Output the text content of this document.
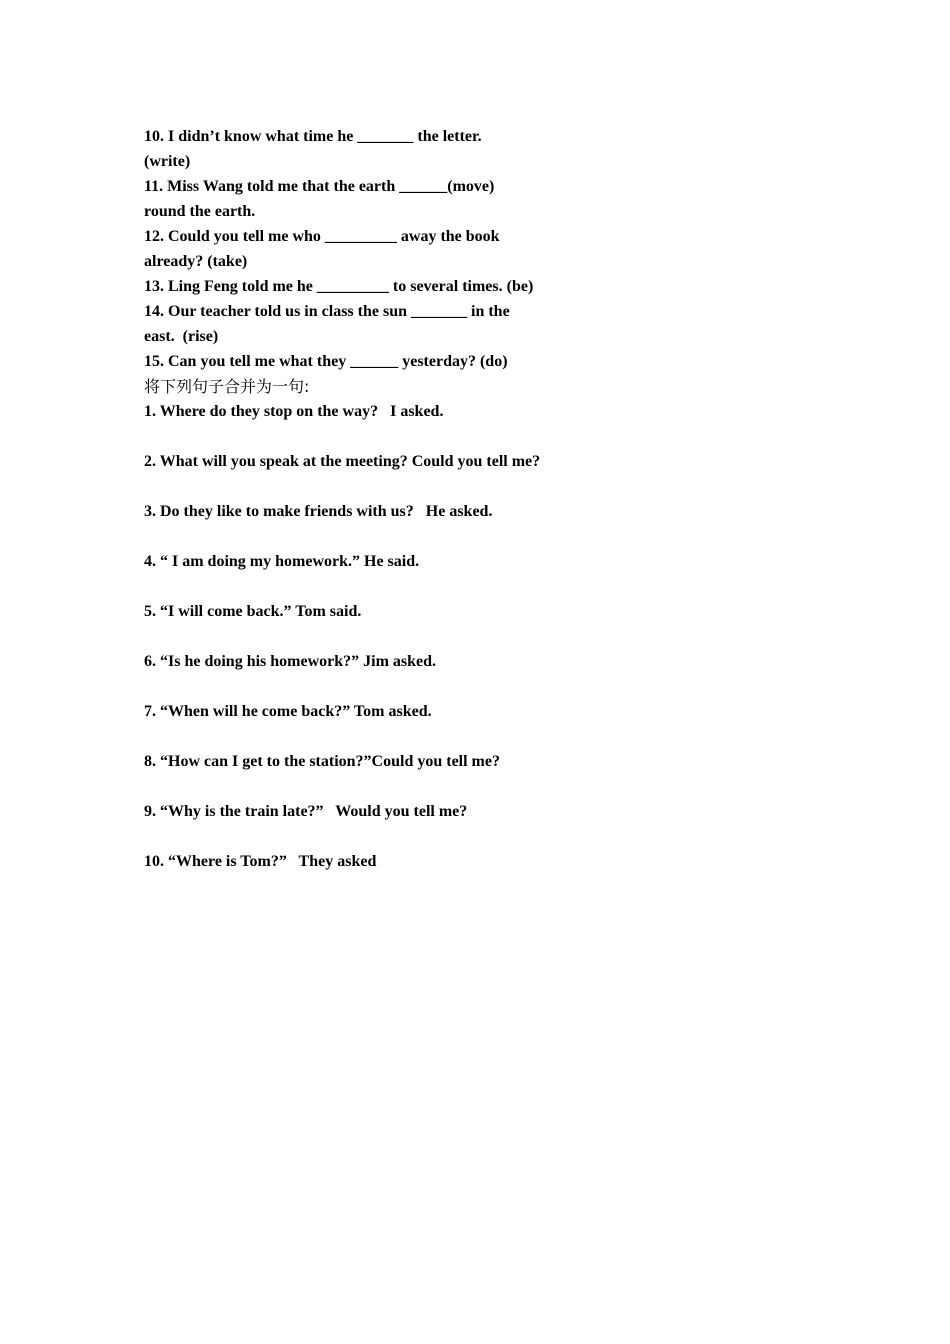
10. I didn’t know what time he _______ the letter.
(write)
11. Miss Wang told me that the earth ______(move)
round the earth.
12. Could you tell me who _________ away the book
already? (take)
13. Ling Feng told me he _________ to several times. (be)
14. Our teacher told us in class the sun _______ in the
east.  (rise)
15. Can you tell me what they ______ yesterday? (do)
将下列句子合并为一句:
1. Where do they stop on the way?   I asked.
2. What will you speak at the meeting? Could you tell me?
3. Do they like to make friends with us?   He asked.
4. “ I am doing my homework.” He said.
5. “I will come back.” Tom said.
6. “Is he doing his homework?” Jim asked.
7. “When will he come back?” Tom asked.
8. “How can I get to the station?”Could you tell me?
9. “Why is the train late?”   Would you tell me?
10. “Where is Tom?”   They asked
